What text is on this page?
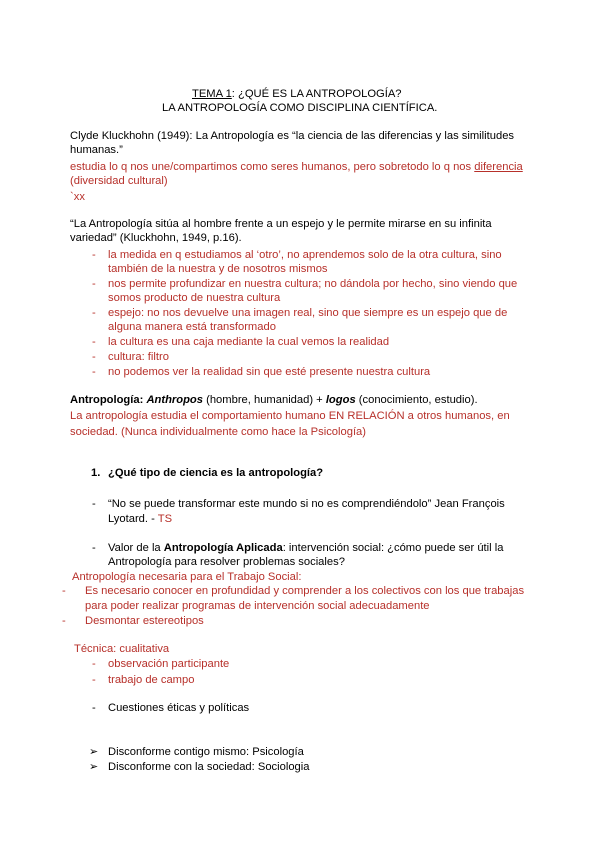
TEMA 1: ¿QUÉ ES LA ANTROPOLOGÍA?
LA ANTROPOLOGÍA COMO DISCIPLINA CIENTÍFICA.
Clyde Kluckhohn (1949): La Antropología es “la ciencia de las diferencias y las similitudes
humanas.”
estudia lo q nos une/compartimos como seres humanos, pero sobretodo lo q nos diferencia
(diversidad cultural)
`xx
“La Antropología sitúa al hombre frente a un espejo y le permite mirarse en su infinita
variedad” (Kluckhohn, 1949, p.16).
- la medida en q estudiamos al ‘otro’, no aprendemos solo de la otra cultura, sino
también de la nuestra y de nosotros mismos
- nos permite profundizar en nuestra cultura; no dándola por hecho, sino viendo que
somos producto de nuestra cultura
- espejo: no nos devuelve una imagen real, sino que siempre es un espejo que de
alguna manera está transformado
- la cultura es una caja mediante la cual vemos la realidad
- cultura: filtro
- no podemos ver la realidad sin que esté presente nuestra cultura
Antropología: Anthropos (hombre, humanidad) + logos (conocimiento, estudio).
La antropología estudia el comportamiento humano EN RELACIÓN a otros humanos, en
sociedad. (Nunca individualmente como hace la Psicología)
1. ¿Qué tipo de ciencia es la antropología?
- “No se puede transformar este mundo si no es comprendiéndolo” Jean François
Lyotard. - TS
- Valor de la Antropología Aplicada: intervención social: ¿cómo puede ser útil la
Antropología para resolver problemas sociales?
Antropología necesaria para el Trabajo Social:
- Es necesario conocer en profundidad y comprender a los colectivos con los que trabajas
para poder realizar programas de intervención social adecuadamente
- Desmontar estereotipos
Técnica: cualitativa
- observación participante
- trabajo de campo
- Cuestiones éticas y políticas
➢ Disconforme contigo mismo: Psicología
➢ Disconforme con la sociedad: Sociologia
